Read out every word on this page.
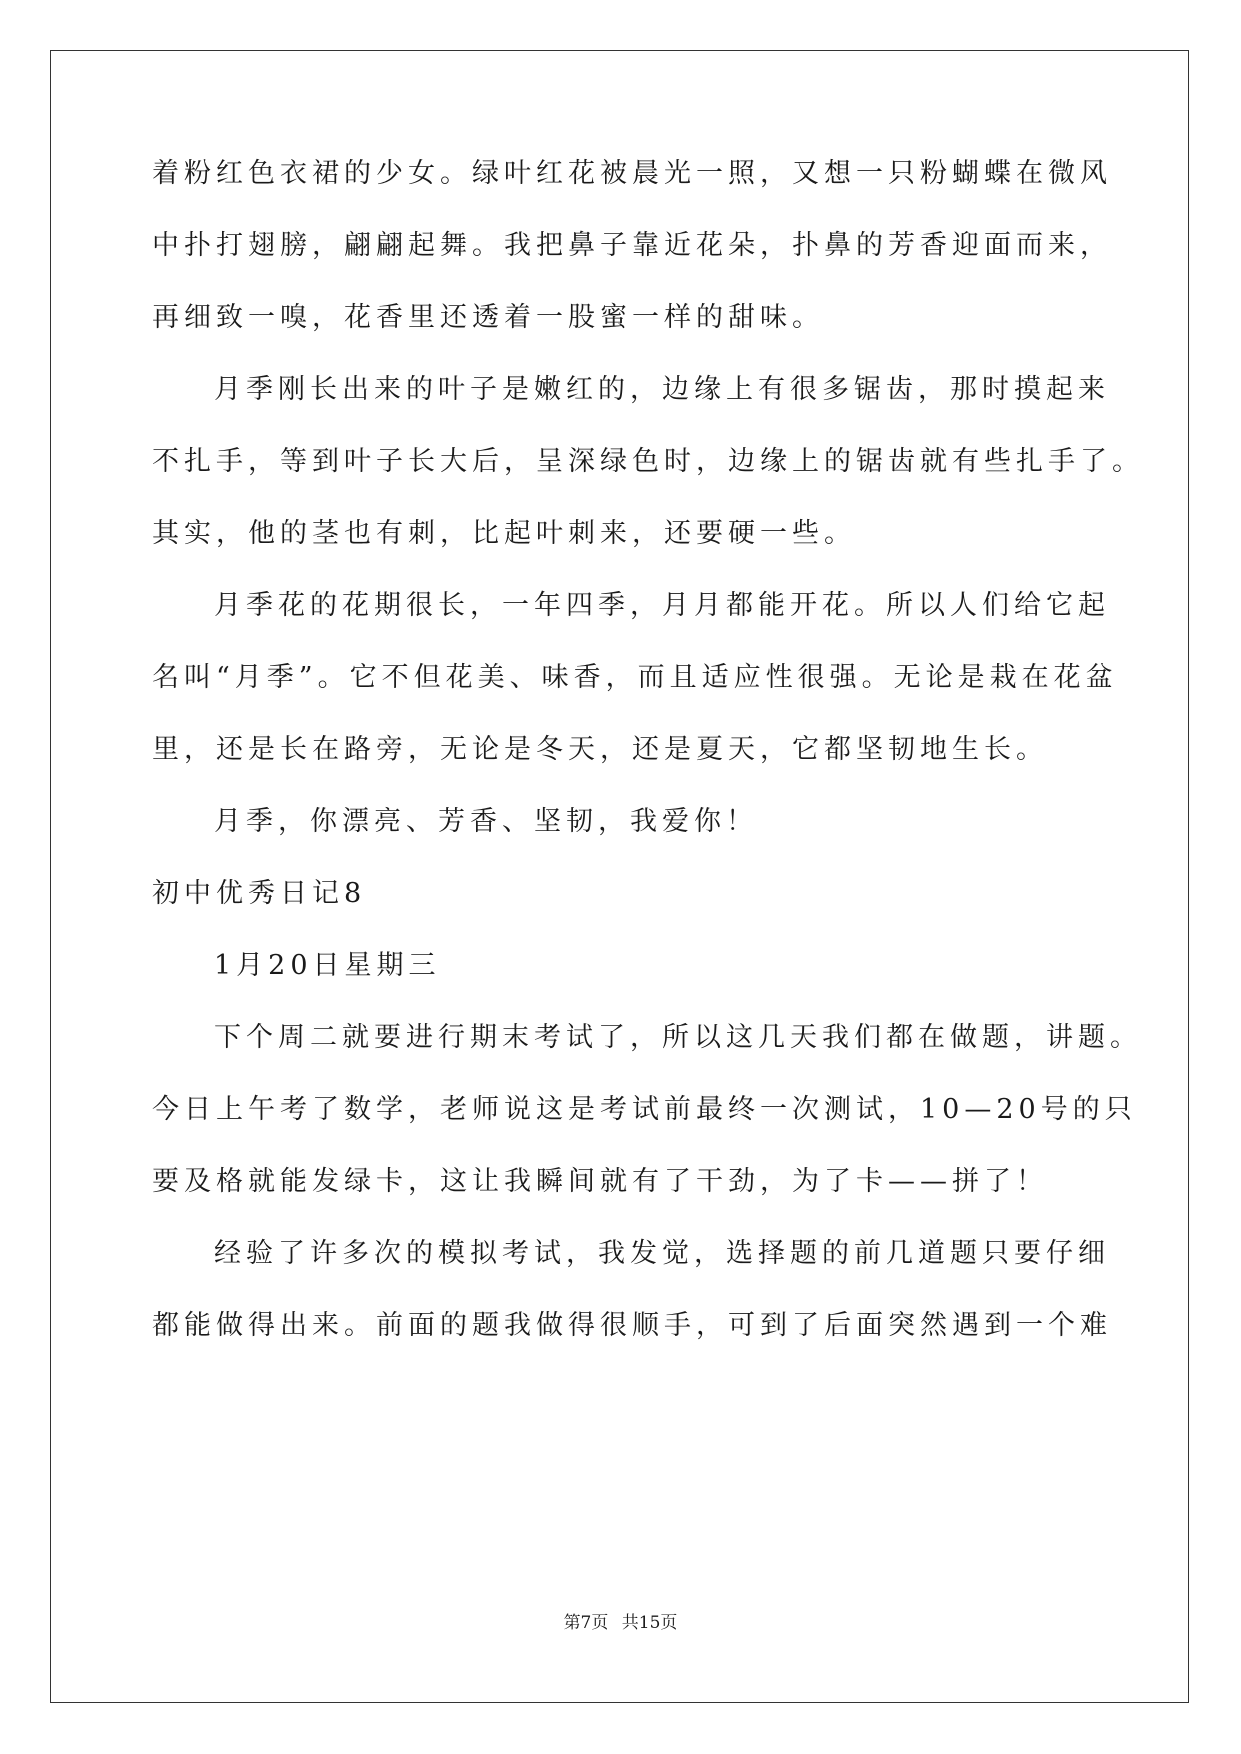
着粉红色衣裙的少女。绿叶红花被晨光一照，又想一只粉蝴蝶在微风
中扑打翅膀，翩翩起舞。我把鼻子靠近花朵，扑鼻的芳香迎面而来，
再细致一嗅，花香里还透着一股蜜一样的甜味。
月季刚长出来的叶子是嫩红的，边缘上有很多锯齿，那时摸起来
不扎手，等到叶子长大后，呈深绿色时，边缘上的锯齿就有些扎手了。
其实，他的茎也有刺，比起叶刺来，还要硬一些。
月季花的花期很长，一年四季，月月都能开花。所以人们给它起
名叫“月季”。它不但花美、味香，而且适应性很强。无论是栽在花盆
里，还是长在路旁，无论是冬天，还是夏天，它都坚韧地生长。
月季，你漂亮、芳香、坚韧，我爱你！
初中优秀日记8
1月20日星期三
下个周二就要进行期末考试了，所以这几天我们都在做题，讲题。
今日上午考了数学，老师说这是考试前最终一次测试，10—20号的只
要及格就能发绿卡，这让我瞬间就有了干劲，为了卡——拼了！
经验了许多次的模拟考试，我发觉，选择题的前几道题只要仔细
都能做得出来。前面的题我做得很顺手，可到了后面突然遇到一个难
第7页 共15页
